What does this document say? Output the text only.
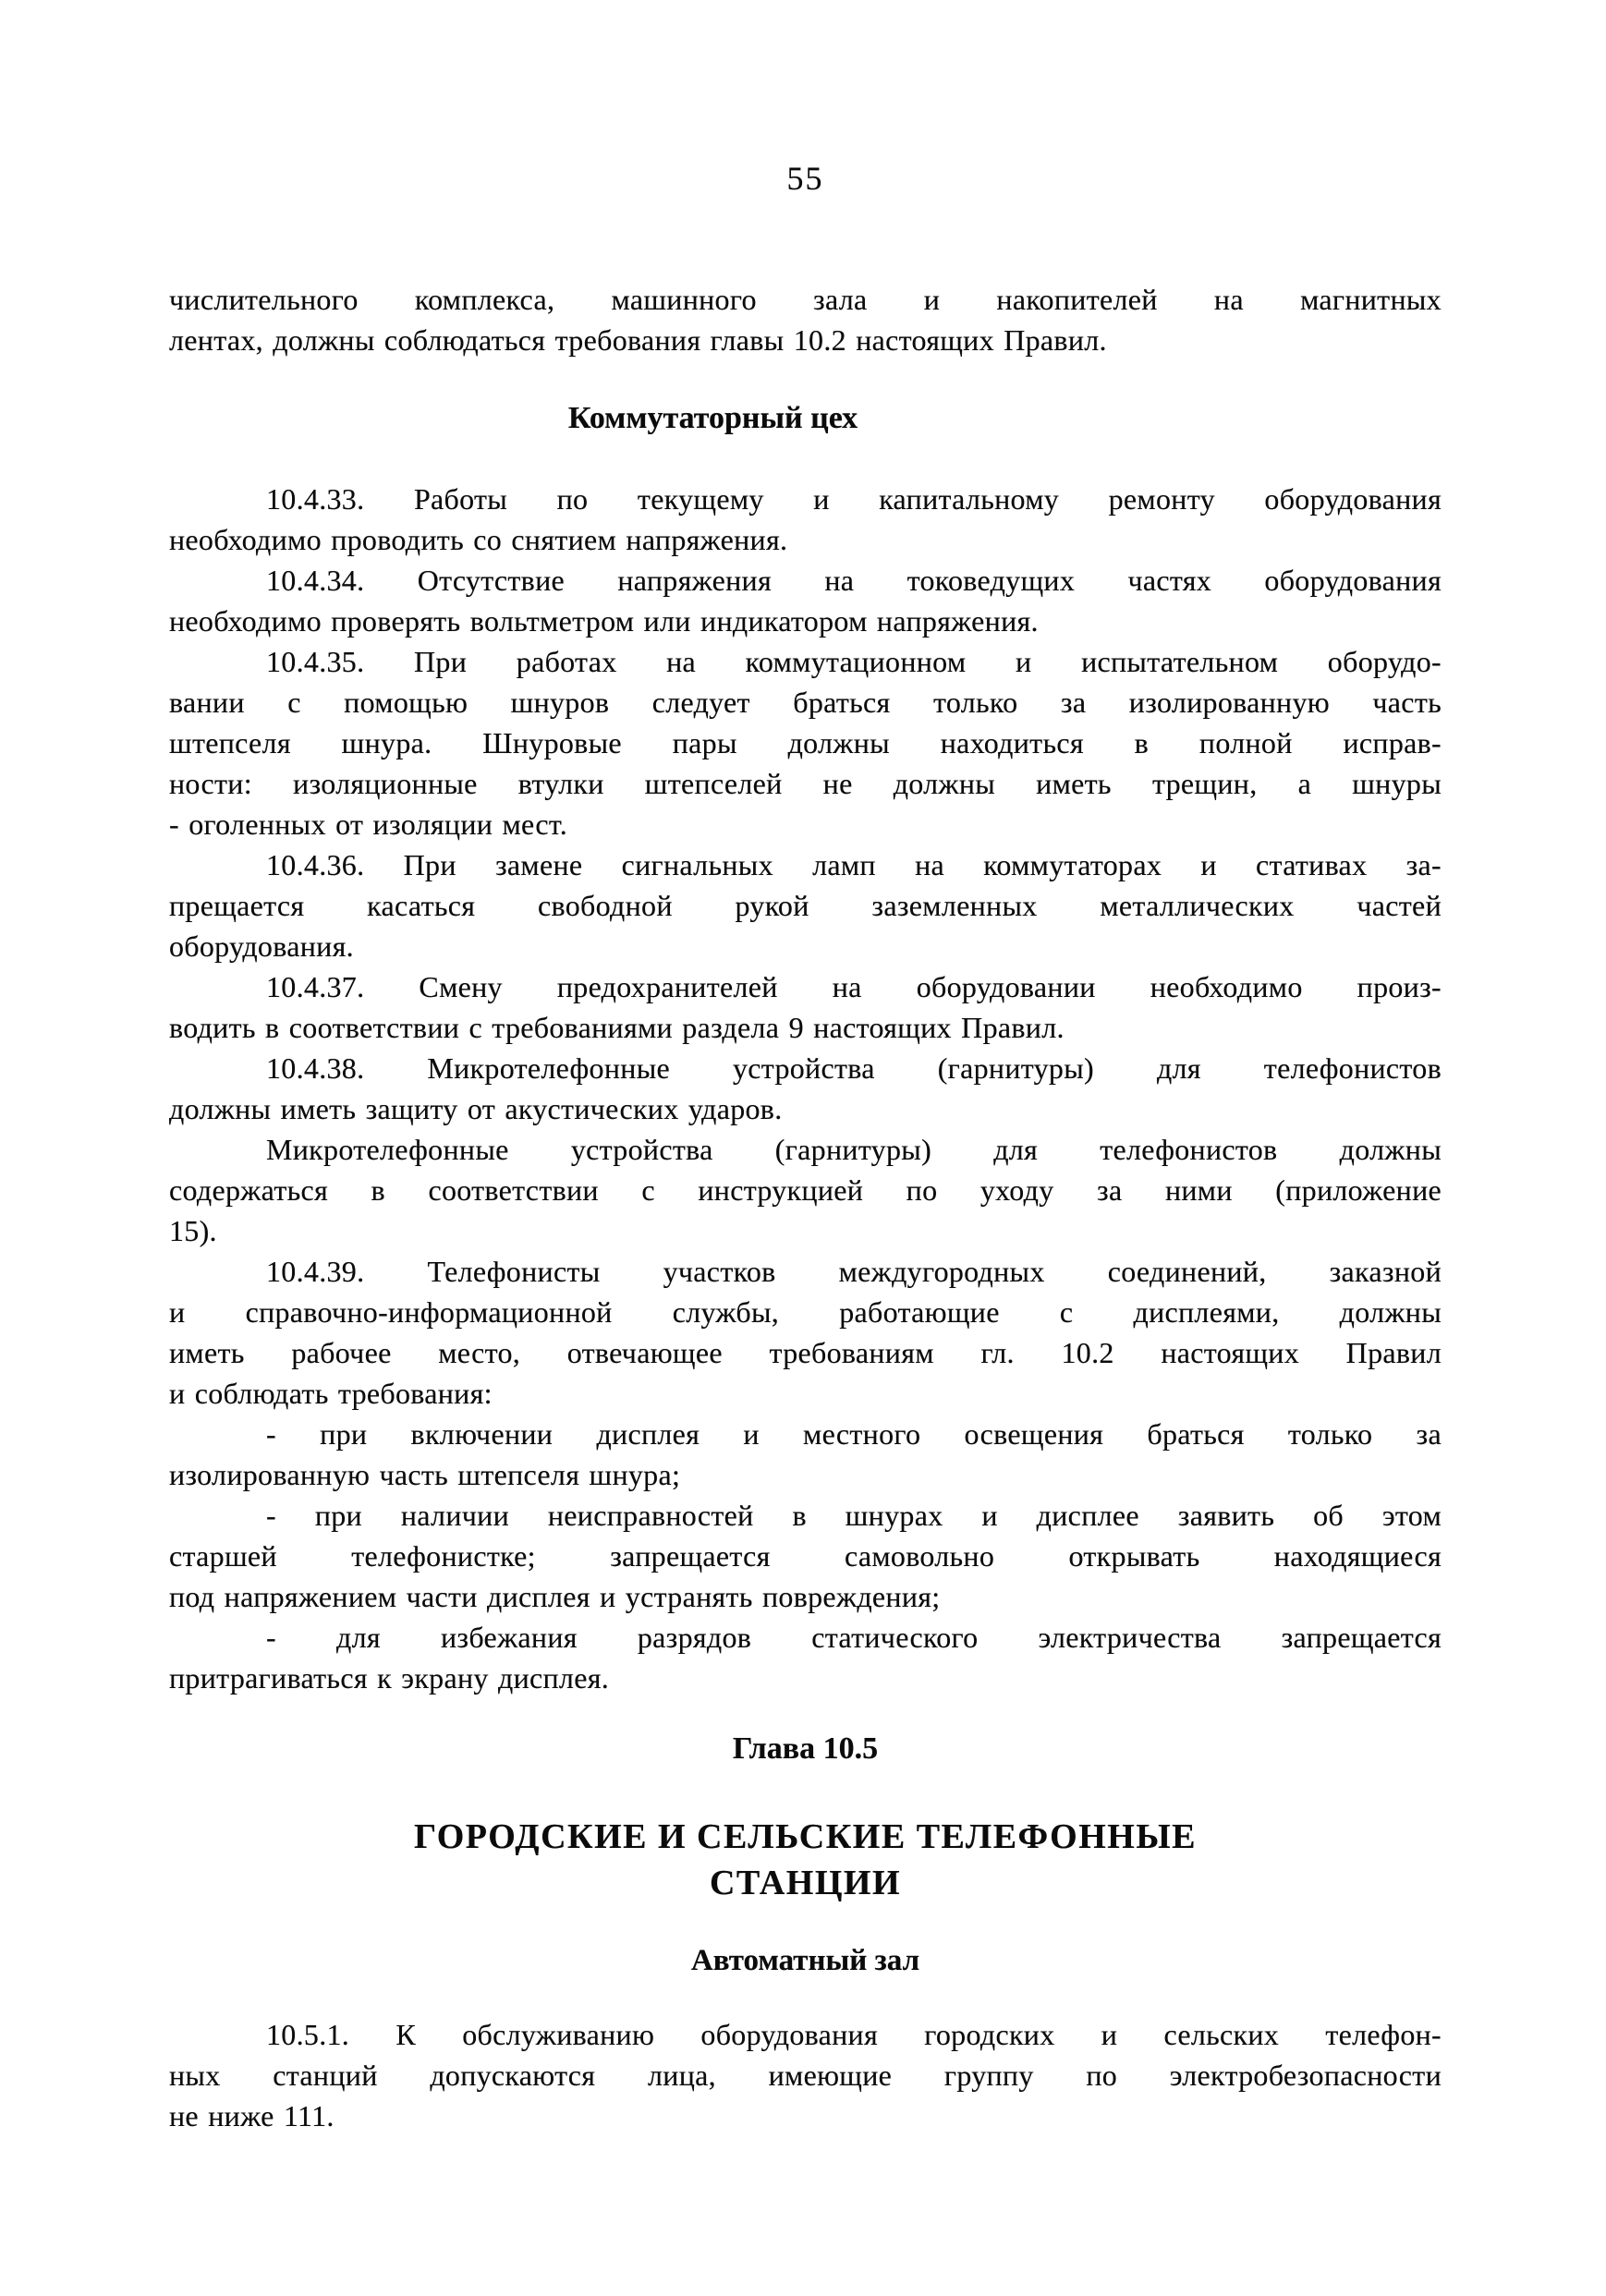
55
числительного комплекса, машинного зала и накопителей на магнитных
лентах, должны соблюдаться требования главы 10.2 настоящих Правил.
Коммутаторный цех
10.4.33. Работы по текущему и капитальному ремонту оборудования
необходимо проводить со снятием напряжения.
10.4.34. Отсутствие напряжения на токоведущих частях оборудования
необходимо проверять вольтметром или индикатором напряжения.
10.4.35. При работах на коммутационном и испытательном оборудо-
вании с помощью шнуров следует браться только за изолированную часть
штепселя шнура. Шнуровые пары должны находиться в полной исправ-
ности: изоляционные втулки штепселей не должны иметь трещин, а шнуры
- оголенных от изоляции мест.
10.4.36. При замене сигнальных ламп на коммутаторах и стативах за-
прещается касаться свободной рукой заземленных металлических частей
оборудования.
10.4.37. Смену предохранителей на оборудовании необходимо произ-
водить в соответствии с требованиями раздела 9 настоящих Правил.
10.4.38. Микротелефонные устройства (гарнитуры) для телефонистов
должны иметь защиту от акустических ударов.
Микротелефонные устройства (гарнитуры) для телефонистов должны
содержаться в соответствии с инструкцией по уходу за ними (приложение
15).
10.4.39. Телефонисты участков междугородных соединений, заказной
и справочно-информационной службы, работающие с дисплеями, должны
иметь рабочее место, отвечающее требованиям гл. 10.2 настоящих Правил
и соблюдать требования:
- при включении дисплея и местного освещения браться только за
изолированную часть штепселя шнура;
- при наличии неисправностей в шнурах и дисплее заявить об этом
старшей телефонистке; запрещается самовольно открывать находящиеся
под напряжением части дисплея и устранять повреждения;
- для избежания разрядов статического электричества запрещается
притрагиваться к экрану дисплея.
Глава 10.5
ГОРОДСКИЕ И СЕЛЬСКИЕ ТЕЛЕФОННЫЕ
СТАНЦИИ
Автоматный зал
10.5.1. К обслуживанию оборудования городских и сельских телефон-
ных станций допускаются лица, имеющие группу по электробезопасности
не ниже 111.
